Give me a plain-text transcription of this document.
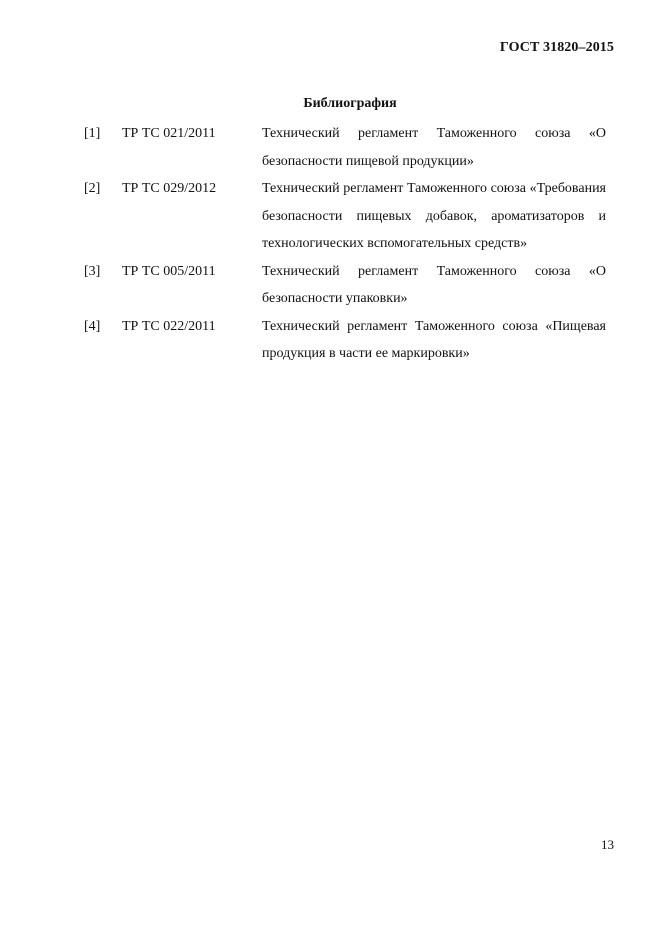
ГОСТ 31820–2015
Библиография
[1]	ТР ТС 021/2011	Технический регламент Таможенного союза «О безопасности пищевой продукции»
[2]	ТР ТС 029/2012	Технический регламент Таможенного союза «Требования безопасности пищевых добавок, ароматизаторов и технологических вспомогательных средств»
[3]	ТР ТС 005/2011	Технический регламент Таможенного союза «О безопасности упаковки»
[4]	ТР ТС 022/2011	Технический регламент Таможенного союза «Пищевая продукция в части ее маркировки»
13
